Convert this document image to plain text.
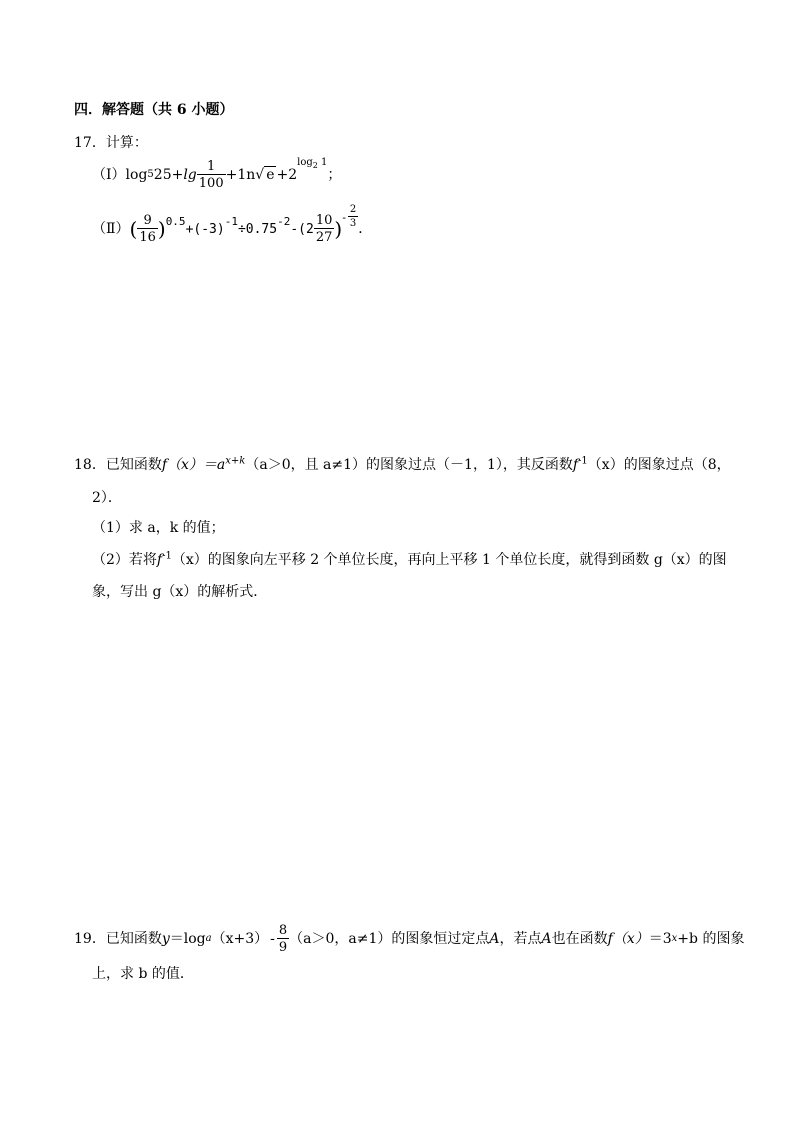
四．解答题（共 6 小题）
17．计算：
（Ⅰ） log 5 $25+ \lg \frac{1}{100} +1n$ √ e +2
$\log_2 1$
；
（Ⅱ） ( $\frac{9}{16}$ ) 0.5
+(-3)
-1
÷0.75
-2
$-(2 \frac{10}{27}$ ) - $\frac{2}{3}$ ．
18．已知函数$f(x)=a^{x+k}(a>0$，且 a≠1）的图象过点（－1，1），其反函数$f^{-1}(x)$的图象过点（8，
2）．
（1）求 a，k 的值；
（2）若将$f^{-1}(x)$的图象向左平移 2 个单位长度，再向上平移 1 个单位长度，就得到函数 g（x）的图
象，写出 g（x）的解析式．
19． 已知函数 y ＝log a $(x+3) - \frac{8}{9} (a>0$，a≠1）的图象恒过定点 A ，若点 A 也在函数 f（x） ＝3 x +b 的图象
上，求 b 的值．
